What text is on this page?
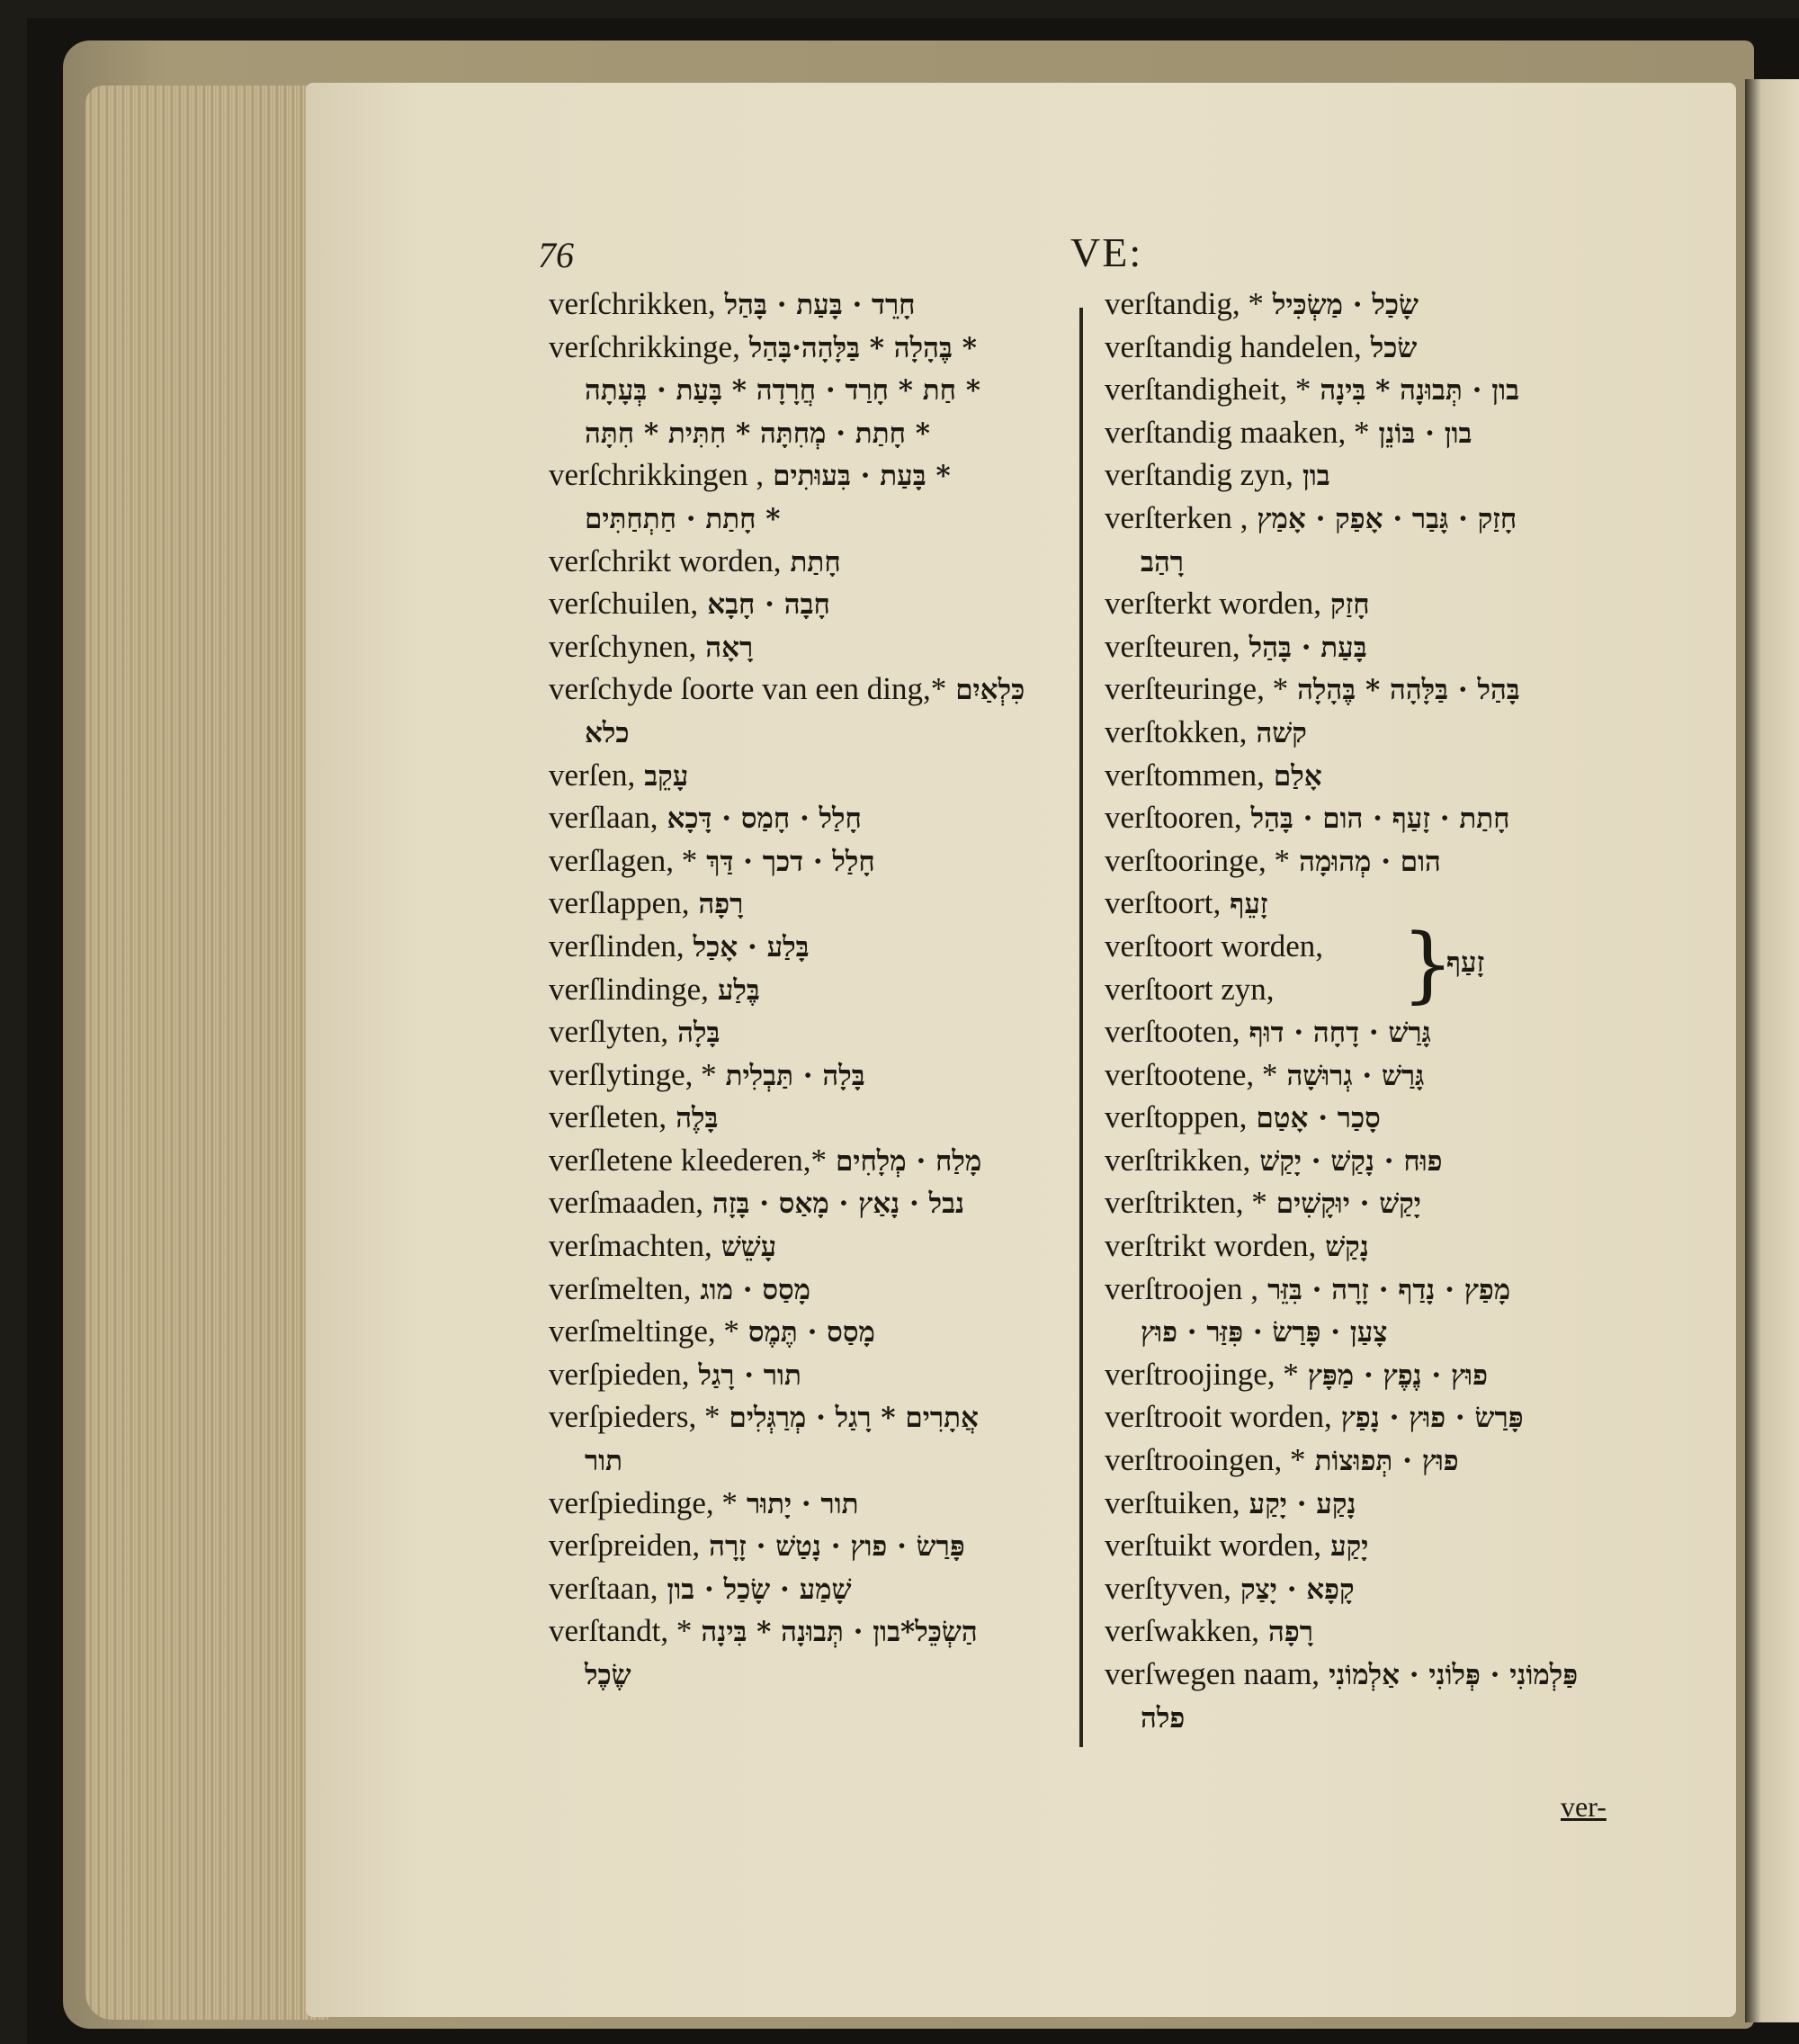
76	VE:
verſchrikken, חָרֵד · בָּעַת · בָּהַל
verſchrikkinge, * בֶּהָלָה * בַּלָּהָה·בָּהַל
* חַת * חָרַד · חֲרָדָה * בָּעַת · בְּעָתָה
* חָתַת · מְחִתָּה * חִתִּית * חִתָּה
verſchrikkingen , * בָּעַת · בִּעוּתִים
* חָתַת · חַתְחַתִּים
verſchrikt worden, חָתַת
verſchuilen, חָבָה · חָבָא
verſchynen, רָאָה
verſchyde ſoorte van een ding,* כִּלְאַיִם
כלא
verſen, עָקֵב
verſlaan, חָלַל · חָמַס · דָּכָא
verſlagen, * חָלַל · דכך · דַּךְ
verſlappen, רָפָה
verſlinden, בָּלַע · אָכַל
verſlindinge, בֶּלַע
verſlyten, בָּלָה
verſlytinge, * בָּלָה · תַּבְלִית
verſleten, בָּלֶה
verſletene kleederen,* מָלַח · מְלָחִים
verſmaaden, נבל · נָאַץ · מָאַס · בָּזָה
verſmachten, עָשֵׁשׁ
verſmelten, מָסַס · מוג
verſmeltinge, * מָסַס · תֶּמֶס
verſpieden, תור · רָגַל
verſpieders, * אֲתָרִים * רָגַל · מְרַגְּלִים
תור
verſpiedinge, * תור · יָתוּר
verſpreiden, פָּרַשׂ · פוץ · נָטַשׁ · זָרָה
verſtaan, שָׁמַע · שָׂכַל · בון
verſtandt, * הַשְׂכֵּל*בון · תְּבוּנָה * בִּינָה
שֶׂכֶל
verſtandig, * שָׂכַל · מַשְׂכִּיל
verſtandig handelen, שׂכל
verſtandigheit, * בון · תְּבוּנָה * בִּינָה
verſtandig maaken, * בון · בּוֹנֵן
verſtandig zyn, בון
verſterken , חָזַק · גָּבַר · אָפַק · אָמַץ
רָהַב
verſterkt worden, חָזַק
verſteuren, בָּעַת · בָּהַל
verſteuringe, * בָּהַל · בַּלָּהָה * בֶּהָלָה
verſtokken, קשׁה
verſtommen, אָלַם
verſtooren, חָתַת · זָעַף · הום · בָּהַל
verſtooringe, * הום · מְהוּמָה
verſtoort, זָעֵף
verſtoort worden,
verſtoort zyn,
verſtooten, גָּרַשׁ · דָחָה · דוּף
verſtootene, * גָּרַשׁ · גְרוּשָׁה
verſtoppen, סָכַר · אָטַם
verſtrikken, פוּח · נָקַשׁ · יָקַשׁ
verſtrikten, * יָקַשׁ · יוּקָשִׁים
verſtrikt worden, נָקַשׁ
verſtroojen , מָפַץ · נָדַף · זָרָה · בִּזֵּר
צָעַן · פָּרַשׂ · פִּזַּר · פוּץ
verſtroojinge, * פוּץ · נֶפֶץ · מַפָּץ
verſtrooit worden, פָּרַשׂ · פוּץ · נָפַץ
verſtrooingen, * פוּץ · תְּפוּצוֹת
verſtuiken, נָקַע · יָקַע
verſtuikt worden, יָקַע
verſtyven, קָפָא · יָצַק
verſwakken, רָפָה
verſwegen naam, פַּלְמוֹנִי · פְּלוֹנִי · אַלְמוֹנִי
פלה
}
זָעַף
ver-
